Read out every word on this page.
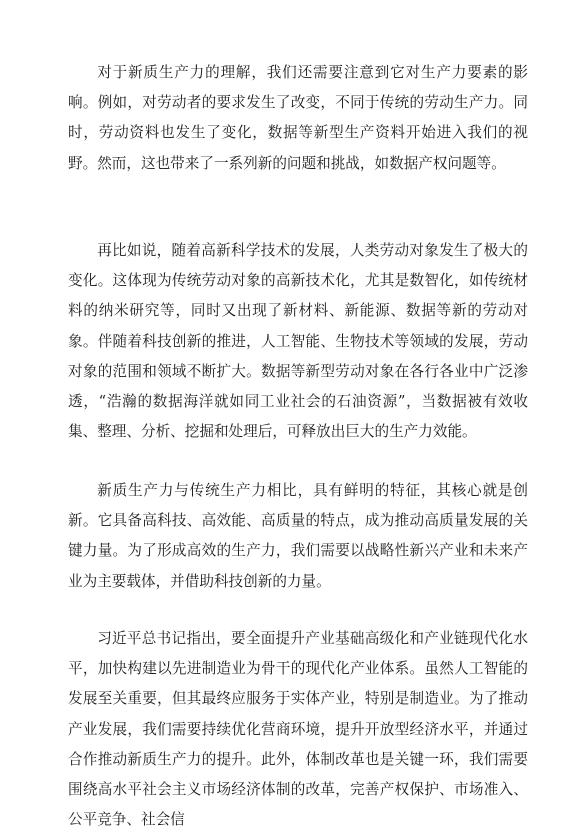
对于新质生产力的理解，我们还需要注意到它对生产力要素的影响。例如，对劳动者的要求发生了改变，不同于传统的劳动生产力。同时，劳动资料也发生了变化，数据等新型生产资料开始进入我们的视野。然而，这也带来了一系列新的问题和挑战，如数据产权问题等。

再比如说，随着高新科学技术的发展，人类劳动对象发生了极大的变化。这体现为传统劳动对象的高新技术化，尤其是数智化，如传统材料的纳米研究等，同时又出现了新材料、新能源、数据等新的劳动对象。伴随着科技创新的推进，人工智能、生物技术等领域的发展，劳动对象的范围和领域不断扩大。数据等新型劳动对象在各行各业中广泛渗透，“浩瀚的数据海洋就如同工业社会的石油资源”，当数据被有效收集、整理、分析、挖掘和处理后，可释放出巨大的生产力效能。

新质生产力与传统生产力相比，具有鲜明的特征，其核心就是创新。它具备高科技、高效能、高质量的特点，成为推动高质量发展的关键力量。为了形成高效的生产力，我们需要以战略性新兴产业和未来产业为主要载体，并借助科技创新的力量。

习近平总书记指出，要全面提升产业基础高级化和产业链现代化水平，加快构建以先进制造业为骨干的现代化产业体系。虽然人工智能的发展至关重要，但其最终应服务于实体产业，特别是制造业。为了推动产业发展，我们需要持续优化营商环境，提升开放型经济水平，并通过合作推动新质生产力的提升。此外，体制改革也是关键一环，我们需要围绕高水平社会主义市场经济体制的改革，完善产权保护、市场准入、公平竞争、社会信
